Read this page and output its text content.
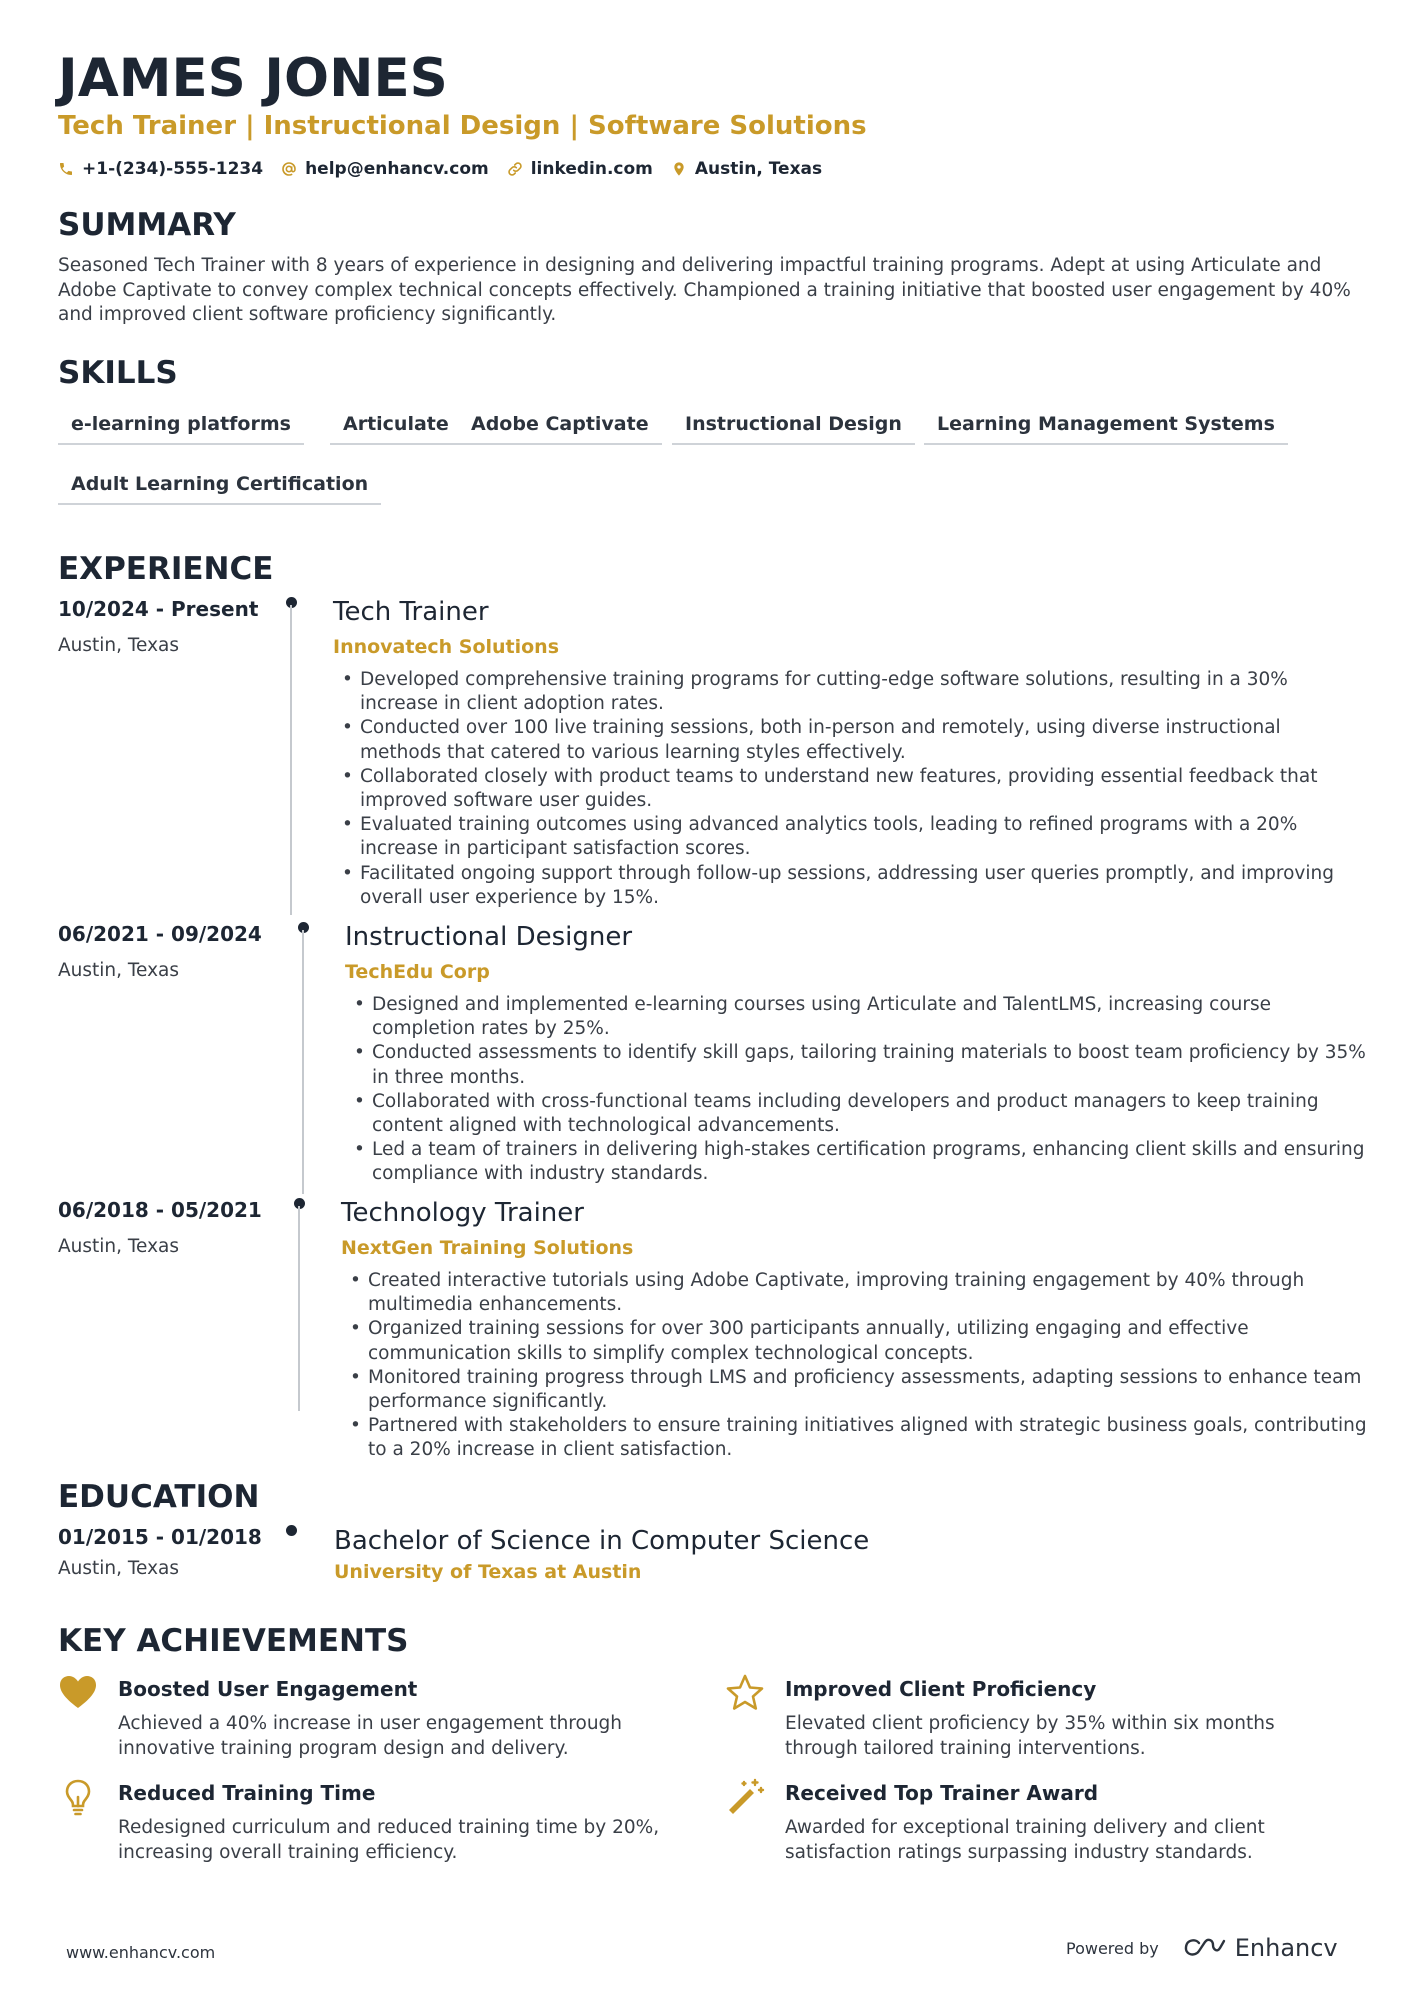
JAMES JONES
Tech Trainer | Instructional Design | Software Solutions
+1-(234)-555-1234 help@enhancv.com linkedin.com Austin, Texas
SUMMARY
Seasoned Tech Trainer with 8 years of experience in designing and delivering impactful training programs. Adept at using Articulate and Adobe Captivate to convey complex technical concepts effectively. Championed a training initiative that boosted user engagement by 40% and improved client software proficiency significantly.
SKILLS
e-learning platforms	Articulate	Adobe Captivate	Instructional Design	Learning Management Systems
Adult Learning Certification
EXPERIENCE
10/2024 - Present
Austin, Texas
Tech Trainer
Innovatech Solutions
• Developed comprehensive training programs for cutting-edge software solutions, resulting in a 30% increase in client adoption rates.
• Conducted over 100 live training sessions, both in-person and remotely, using diverse instructional methods that catered to various learning styles effectively.
• Collaborated closely with product teams to understand new features, providing essential feedback that improved software user guides.
• Evaluated training outcomes using advanced analytics tools, leading to refined programs with a 20% increase in participant satisfaction scores.
• Facilitated ongoing support through follow-up sessions, addressing user queries promptly, and improving overall user experience by 15%.
06/2021 - 09/2024
Austin, Texas
Instructional Designer
TechEdu Corp
• Designed and implemented e-learning courses using Articulate and TalentLMS, increasing course completion rates by 25%.
• Conducted assessments to identify skill gaps, tailoring training materials to boost team proficiency by 35% in three months.
• Collaborated with cross-functional teams including developers and product managers to keep training content aligned with technological advancements.
• Led a team of trainers in delivering high-stakes certification programs, enhancing client skills and ensuring compliance with industry standards.
06/2018 - 05/2021
Austin, Texas
Technology Trainer
NextGen Training Solutions
• Created interactive tutorials using Adobe Captivate, improving training engagement by 40% through multimedia enhancements.
• Organized training sessions for over 300 participants annually, utilizing engaging and effective communication skills to simplify complex technological concepts.
• Monitored training progress through LMS and proficiency assessments, adapting sessions to enhance team performance significantly.
• Partnered with stakeholders to ensure training initiatives aligned with strategic business goals, contributing to a 20% increase in client satisfaction.
EDUCATION
01/2015 - 01/2018
Austin, Texas
Bachelor of Science in Computer Science
University of Texas at Austin
KEY ACHIEVEMENTS
Boosted User Engagement
Achieved a 40% increase in user engagement through innovative training program design and delivery.
Improved Client Proficiency
Elevated client proficiency by 35% within six months through tailored training interventions.
Reduced Training Time
Redesigned curriculum and reduced training time by 20%, increasing overall training efficiency.
Received Top Trainer Award
Awarded for exceptional training delivery and client satisfaction ratings surpassing industry standards.
www.enhancv.com	Powered by	Enhancv
